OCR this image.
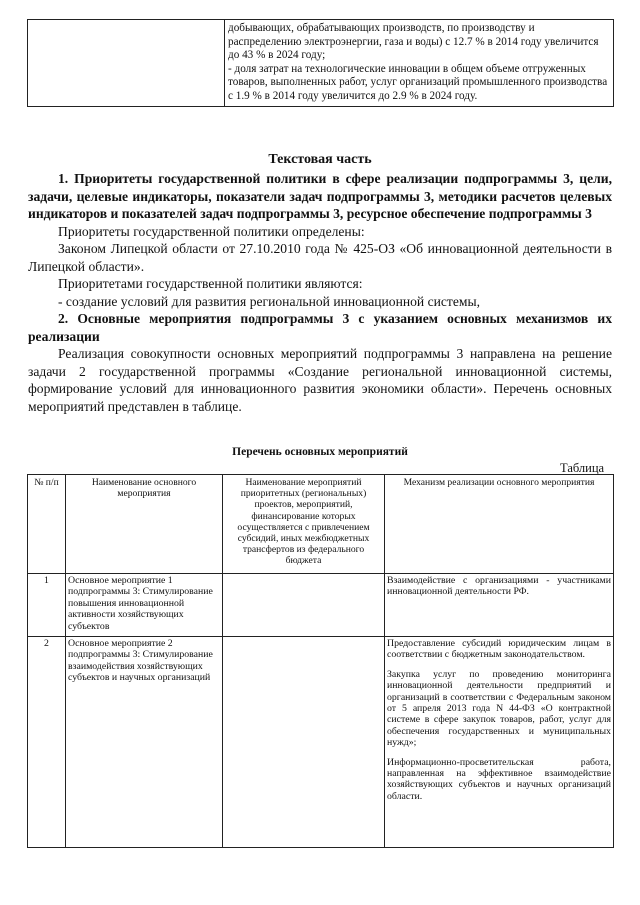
добывающих, обрабатывающих производств, по производству и распределению электроэнергии, газа и воды) с 12.7 % в 2014 году увеличится до 43 % в 2024 году;

- доля затрат на технологические инновации в общем объеме отгруженных товаров, выполненных работ, услуг организаций промышленного производства с 1.9 % в 2014 году увеличится до 2.9 % в 2024 году.

Текстовая часть

1. Приоритеты государственной политики в сфере реализации подпрограммы 3, цели, задачи, целевые индикаторы, показатели задач подпрограммы 3, методики расчетов целевых индикаторов и показателей задач подпрограммы 3, ресурсное обеспечение подпрограммы 3

Приоритеты государственной политики определены:

Законом Липецкой области от 27.10.2010 года № 425-ОЗ «Об инновационной деятельности в Липецкой области».

Приоритетами государственной политики являются:

- создание условий для развития региональной инновационной системы,

2. Основные мероприятия подпрограммы 3 с указанием основных механизмов их реализации

Реализация совокупности основных мероприятий подпрограммы 3 направлена на решение задачи 2 государственной программы «Создание региональной инновационной системы, формирование условий для инновационного развития экономики области». Перечень основных мероприятий представлен в таблице.

Перечень основных мероприятий
Таблица
№ п/п	Наименование основного мероприятия	Наименование мероприятий приоритетных (региональных) проектов, мероприятий, финансирование которых осуществляется с привлечением субсидий, иных межбюджетных трансфертов из федерального бюджета	Механизм реализации основного мероприятия
1	Основное мероприятие 1 подпрограммы 3: Стимулирование повышения инновационной активности хозяйствующих субъектов		Взаимодействие с организациями - участниками инновационной деятельности РФ.

2	Основное мероприятие 2 подпрограммы 3: Стимулирование взаимодействия хозяйствующих субъектов и научных организаций		Предоставление субсидий юридическим лицам в соответствии с бюджетным законодательством.

Закупка услуг по проведению мониторинга инновационной деятельности предприятий и организаций в соответствии с Федеральным законом от 5 апреля 2013 года N 44-ФЗ «О контрактной системе в сфере закупок товаров, работ, услуг для обеспечения государственных и муниципальных нужд»;

Информационно-просветительская работа, направленная на эффективное взаимодействие хозяйствующих субъектов и научных организаций области.
